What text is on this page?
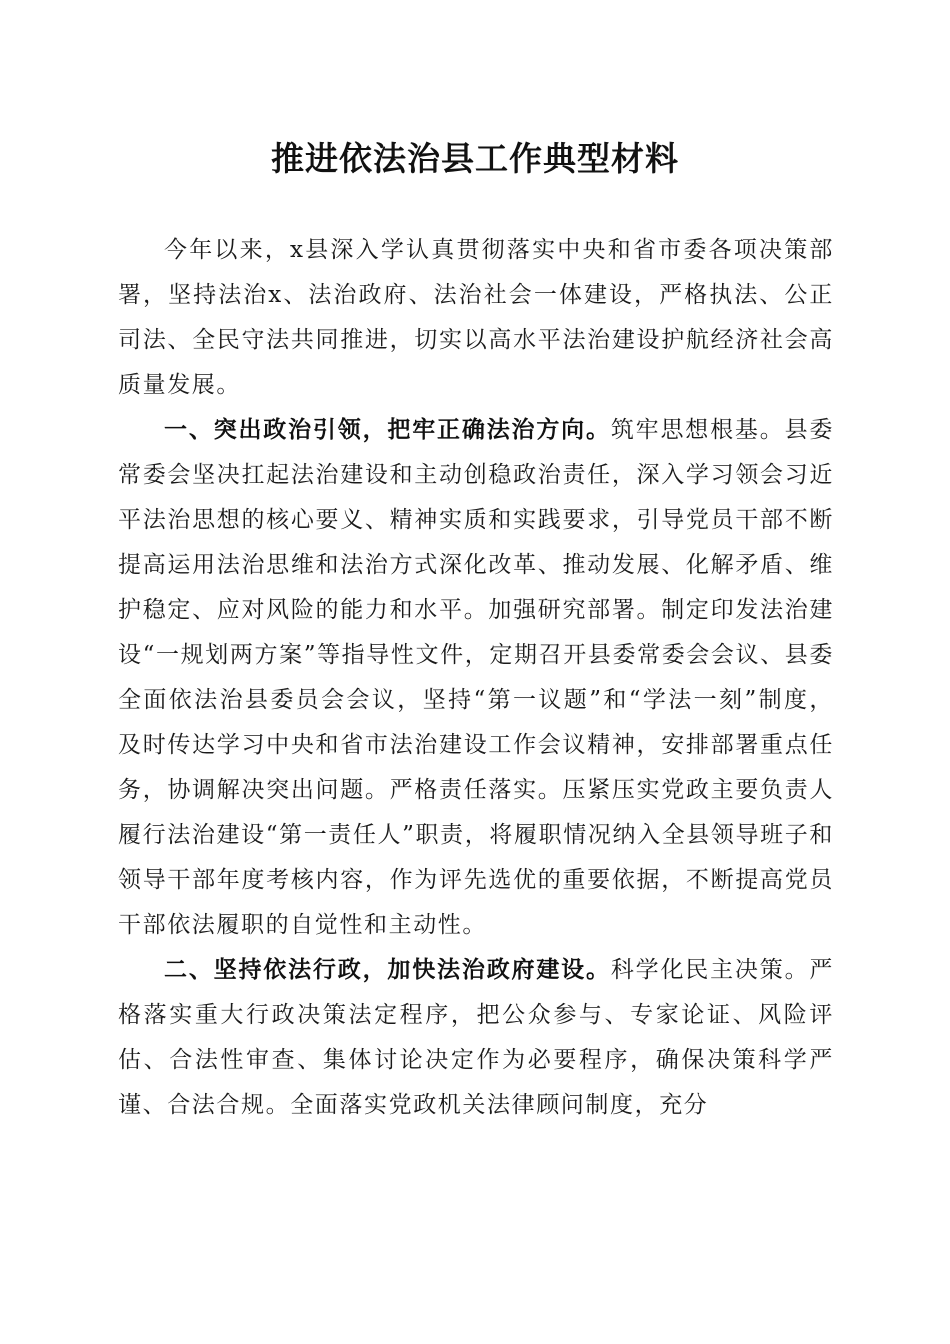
推进依法治县工作典型材料

今年以来，x县深入学认真贯彻落实中央和省市委各项决策部署，坚持法治x、法治政府、法治社会一体建设，严格执法、公正司法、全民守法共同推进，切实以高水平法治建设护航经济社会高质量发展。

一、突出政治引领，把牢正确法治方向。筑牢思想根基。县委常委会坚决扛起法治建设和主动创稳政治责任，深入学习领会习近平法治思想的核心要义、精神实质和实践要求，引导党员干部不断提高运用法治思维和法治方式深化改革、推动发展、化解矛盾、维护稳定、应对风险的能力和水平。加强研究部署。制定印发法治建设“一规划两方案”等指导性文件，定期召开县委常委会会议、县委全面依法治县委员会会议，坚持“第一议题”和“学法一刻”制度，及时传达学习中央和省市法治建设工作会议精神，安排部署重点任务，协调解决突出问题。严格责任落实。压紧压实党政主要负责人履行法治建设“第一责任人”职责，将履职情况纳入全县领导班子和领导干部年度考核内容，作为评先选优的重要依据，不断提高党员干部依法履职的自觉性和主动性。

二、坚持依法行政，加快法治政府建设。科学化民主决策。严格落实重大行政决策法定程序，把公众参与、专家论证、风险评估、合法性审查、集体讨论决定作为必要程序，确保决策科学严谨、合法合规。全面落实党政机关法律顾问制度，充分
